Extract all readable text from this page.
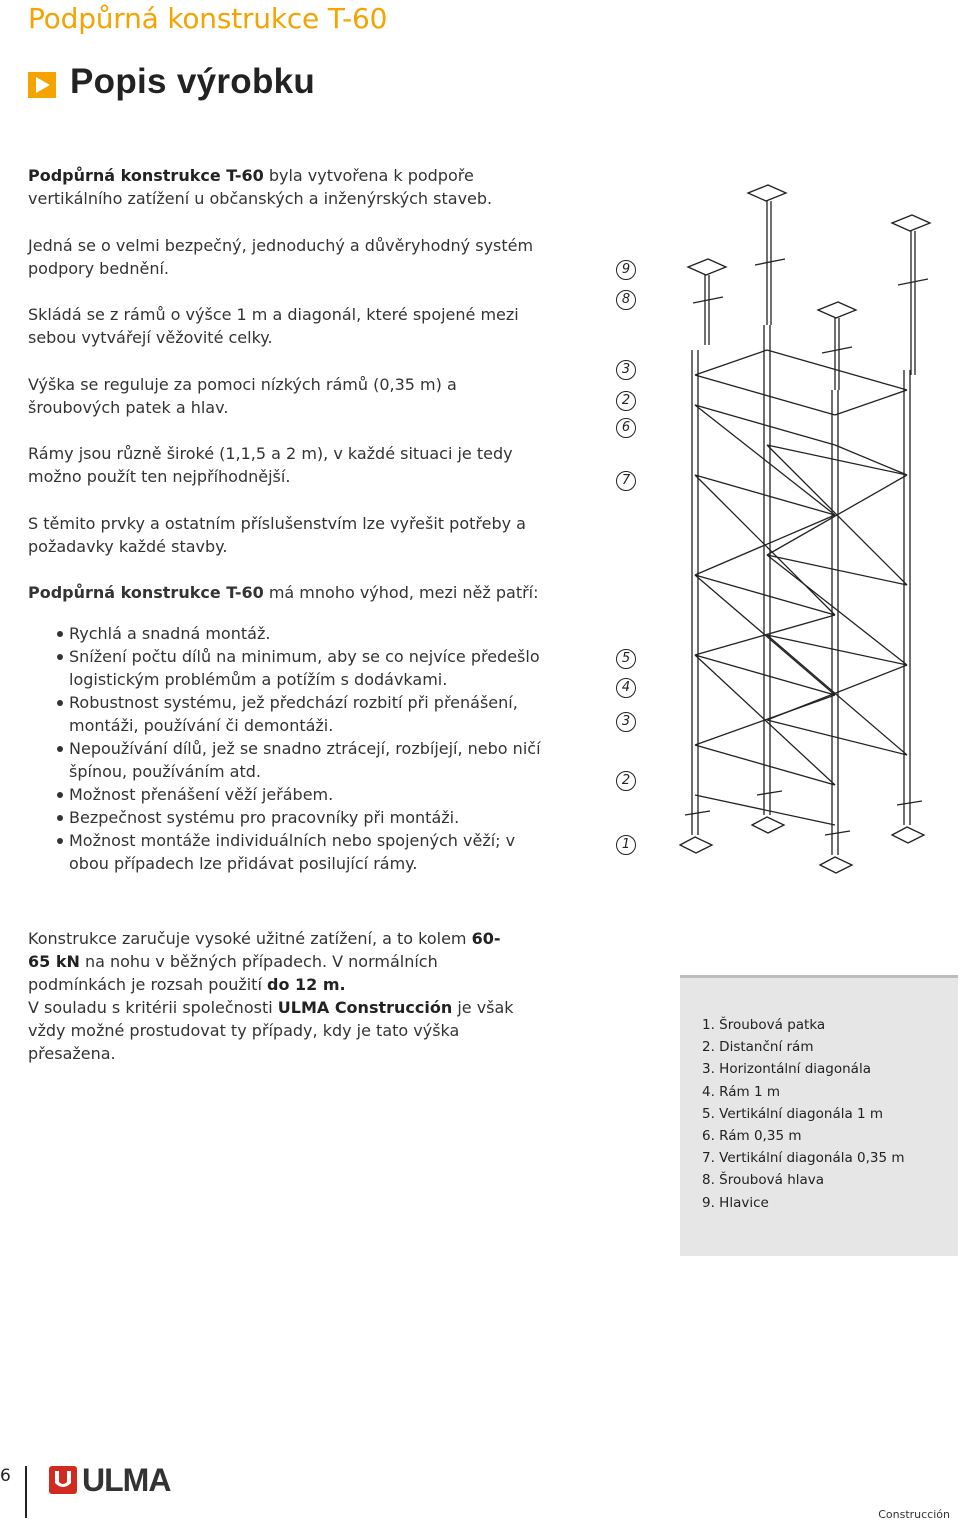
Podpůrná konstrukce T-60
Popis výrobku
Podpůrná konstrukce T-60 byla vytvořena k podpoře vertikálního zatížení u občanských a inženýrských staveb.
Jedná se o velmi bezpečný, jednoduchý a důvěryhodný systém podpory bednění.
Skládá se z rámů o výšce 1 m a diagonál, které spojené mezi sebou vytvářejí věžovité celky.
Výška se reguluje za pomoci nízkých rámů (0,35 m) a šroubových patek a hlav.
Rámy jsou různě široké (1,1,5 a 2 m), v každé situaci je tedy možno použít ten nejpříhodnější.
S těmito prvky a ostatním příslušenstvím lze vyřešit potřeby a požadavky každé stavby.
Podpůrná konstrukce T-60 má mnoho výhod, mezi něž patří:
Rychlá a snadná montáž.
Snížení počtu dílů na minimum, aby se co nejvíce předešlo logistickým problémům a potížím s dodávkami.
Robustnost systému, jež předchází rozbití při přenášení, montáži, používání či demontáži.
Nepoužívání dílů, jež se snadno ztrácejí, rozbíjejí, nebo ničí špínou, používáním atd.
Možnost přenášení věží jeřábem.
Bezpečnost systému pro pracovníky při montáži.
Možnost montáže individuálních nebo spojených věží; v obou případech lze přidávat posilující rámy.
Konstrukce zaručuje vysoké užitné zatížení, a to kolem 60-65 kN na nohu v běžných případech. V normálních podmínkách je rozsah použití do 12 m.
V souladu s kritérii společnosti ULMA Construcción je však vždy možné prostudovat ty případy, kdy je tato výška přesažena.
9
8
3
2
6
7
5
4
3
2
1
1. Šroubová patka
2. Distanční rám
3. Horizontální diagonála
4. Rám 1 m
5. Vertikální diagonála 1 m
6. Rám 0,35 m
7. Vertikální diagonála 0,35 m
8. Šroubová hlava
9. Hlavice
6 ULMA
Construcción
